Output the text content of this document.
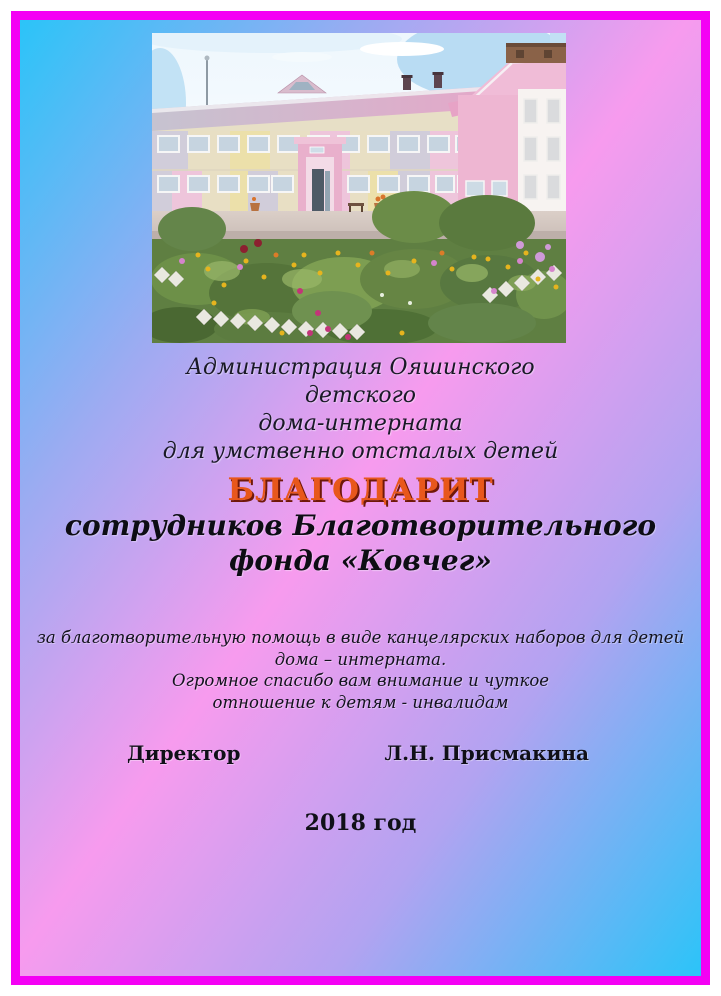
Администрация Ояшинского
детского
дома-интерната
для умственно отсталых детей
БЛАГОДАРИТ
сотрудников Благотворительного
фонда «Ковчег»
за благотворительную помощь в виде канцелярских наборов для детей
дома – интерната.
Огромное спасибо вам внимание и чуткое
отношение к детям - инвалидам
Директор	Л.Н. Присмакина
2018 год
